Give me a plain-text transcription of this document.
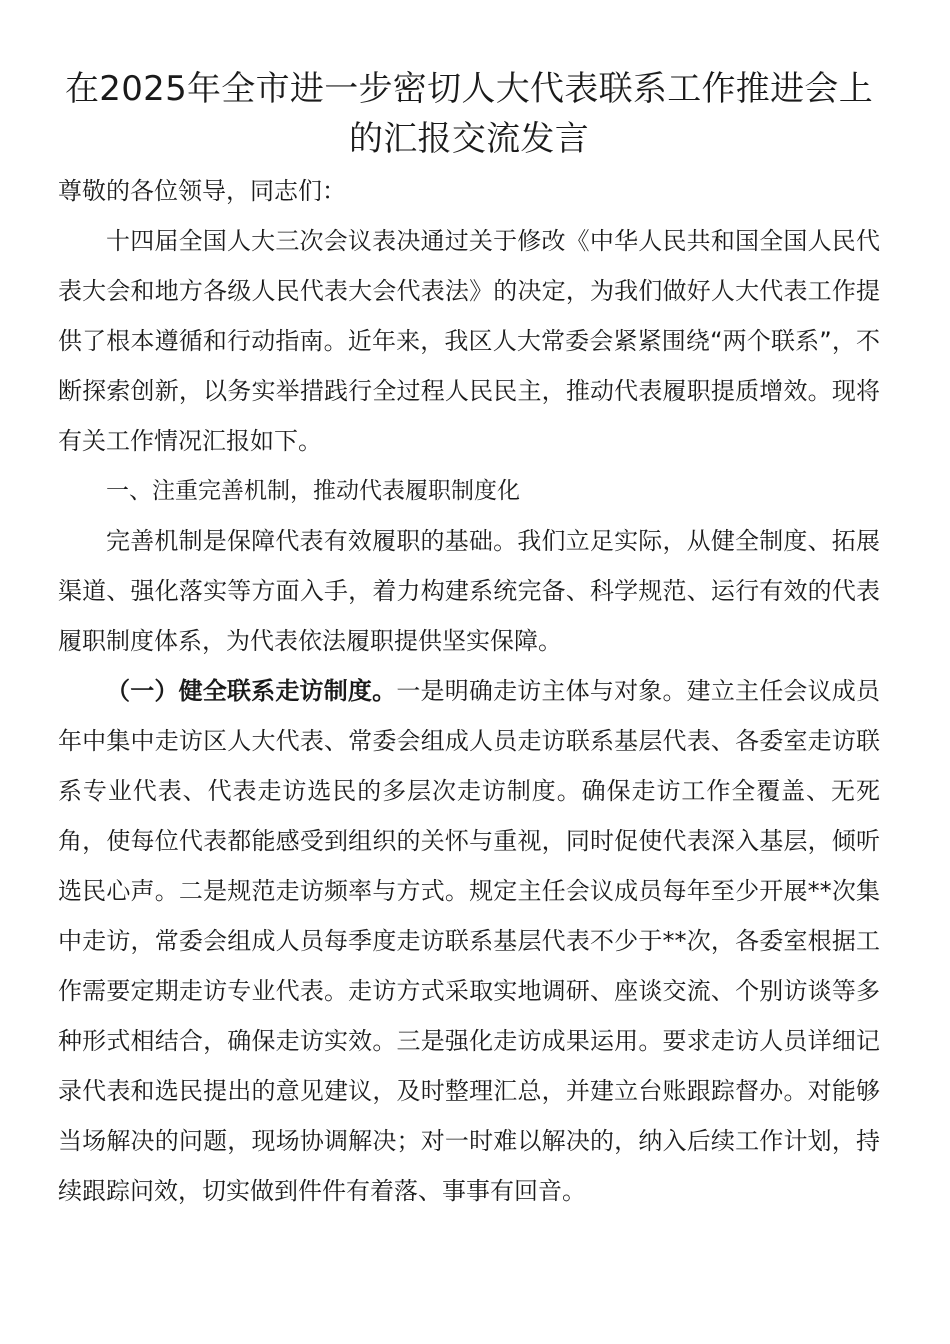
在2025年全市进一步密切人大代表联系工作推进会上的汇报交流发言

尊敬的各位领导，同志们：

十四届全国人大三次会议表决通过关于修改《中华人民共和国全国人民代表大会和地方各级人民代表大会代表法》的决定，为我们做好人大代表工作提供了根本遵循和行动指南。近年来，我区人大常委会紧紧围绕“两个联系”，不断探索创新，以务实举措践行全过程人民民主，推动代表履职提质增效。现将有关工作情况汇报如下。

一、注重完善机制，推动代表履职制度化

完善机制是保障代表有效履职的基础。我们立足实际，从健全制度、拓展渠道、强化落实等方面入手，着力构建系统完备、科学规范、运行有效的代表履职制度体系，为代表依法履职提供坚实保障。

（一）健全联系走访制度。一是明确走访主体与对象。建立主任会议成员年中集中走访区人大代表、常委会组成人员走访联系基层代表、各委室走访联系专业代表、代表走访选民的多层次走访制度。确保走访工作全覆盖、无死角，使每位代表都能感受到组织的关怀与重视，同时促使代表深入基层，倾听选民心声。二是规范走访频率与方式。规定主任会议成员每年至少开展**次集中走访，常委会组成人员每季度走访联系基层代表不少于**次，各委室根据工作需要定期走访专业代表。走访方式采取实地调研、座谈交流、个别访谈等多种形式相结合，确保走访实效。三是强化走访成果运用。要求走访人员详细记录代表和选民提出的意见建议，及时整理汇总，并建立台账跟踪督办。对能够当场解决的问题，现场协调解决；对一时难以解决的，纳入后续工作计划，持续跟踪问效，切实做到件件有着落、事事有回音。
